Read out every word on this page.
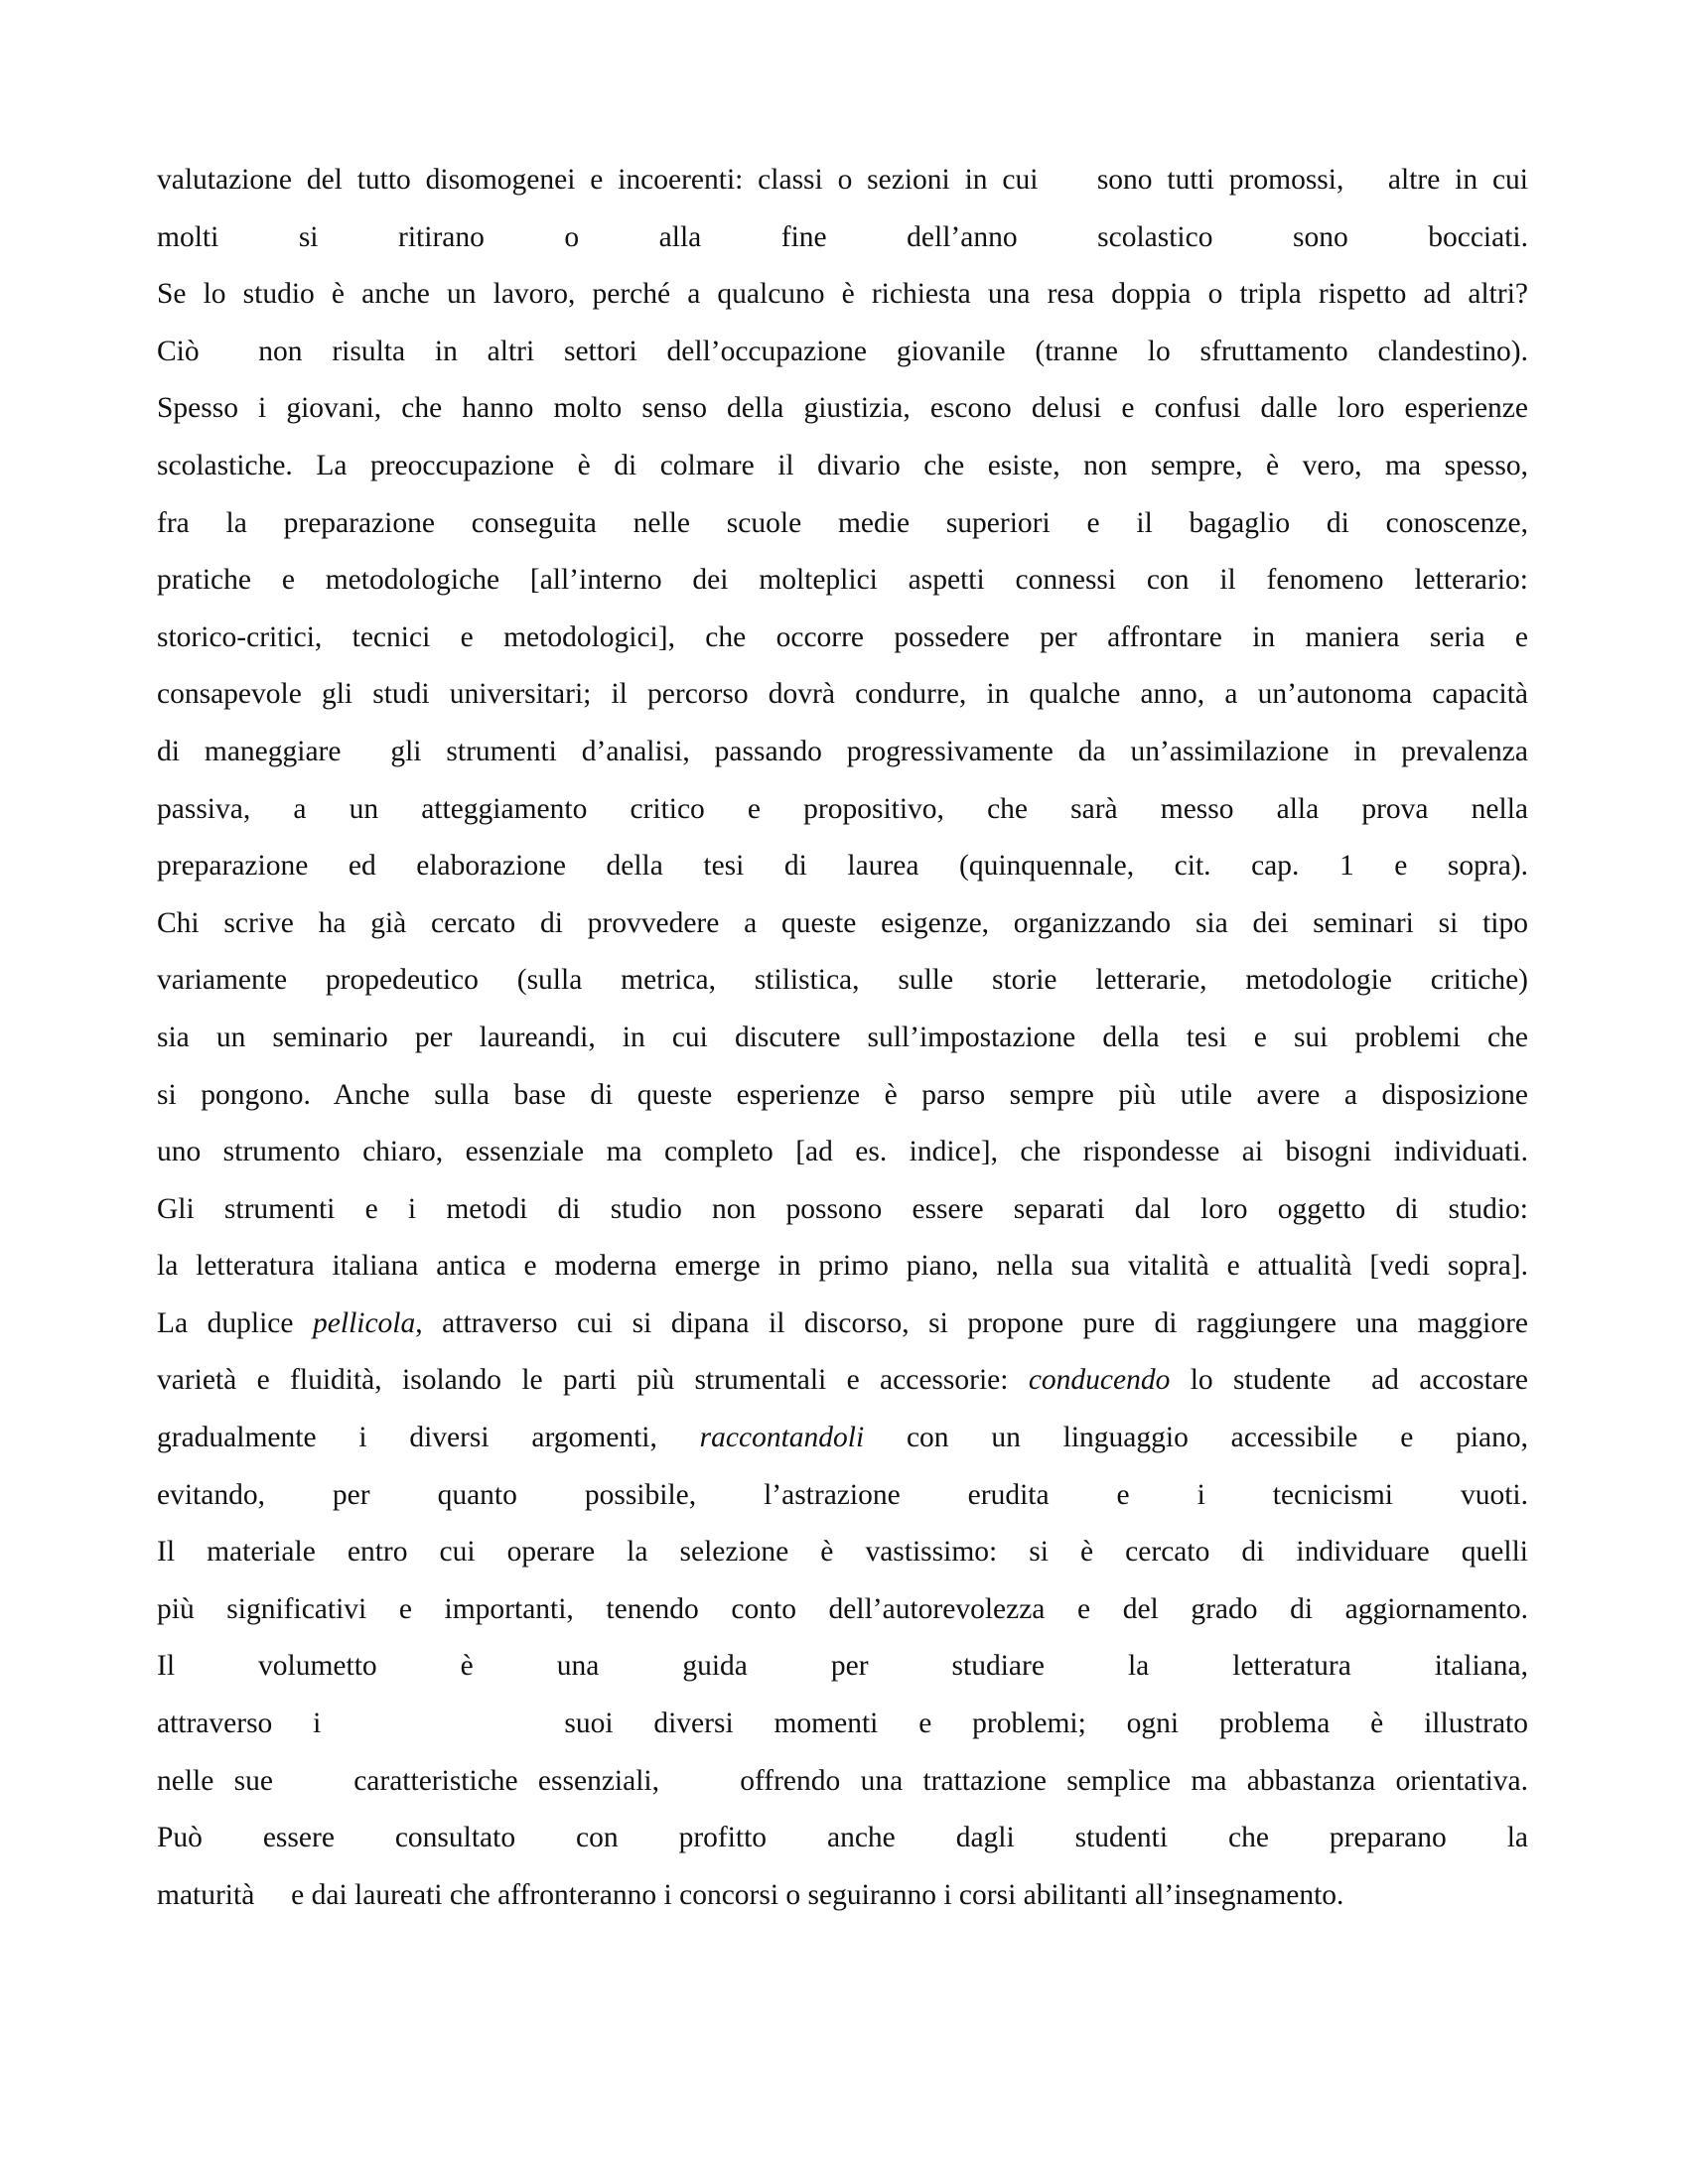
valutazione del tutto disomogenei e incoerenti: classi o sezioni in cui    sono tutti promossi,   altre in cui
molti si ritirano o alla fine dell’anno scolastico sono bocciati.
Se lo studio è anche un lavoro, perché a qualcuno è richiesta una resa doppia o tripla rispetto ad altri?
Ciò  non risulta in altri settori dell’occupazione giovanile (tranne lo sfruttamento clandestino).
Spesso i giovani, che hanno molto senso della giustizia, escono delusi e confusi dalle loro esperienze
scolastiche. La preoccupazione è di colmare il divario che esiste, non sempre, è vero, ma spesso,
fra la preparazione conseguita nelle scuole medie superiori e il bagaglio di conoscenze,
pratiche e metodologiche [all’interno dei molteplici aspetti connessi con il fenomeno letterario:
storico-critici, tecnici e metodologici], che occorre possedere per affrontare in maniera seria e
consapevole gli studi universitari; il percorso dovrà condurre, in qualche anno, a un’autonoma capacità
di maneggiare  gli strumenti d’analisi, passando progressivamente da un’assimilazione in prevalenza
passiva, a un atteggiamento critico e propositivo, che sarà messo alla prova nella
preparazione ed elaborazione della tesi di laurea (quinquennale, cit. cap. 1 e sopra).
Chi scrive ha già cercato di provvedere a queste esigenze, organizzando sia dei seminari si tipo
variamente propedeutico (sulla metrica, stilistica, sulle storie letterarie, metodologie critiche)
sia un seminario per laureandi, in cui discutere sull’impostazione della tesi e sui problemi che
si pongono. Anche sulla base di queste esperienze è parso sempre più utile avere a disposizione
uno strumento chiaro, essenziale ma completo [ad es. indice], che rispondesse ai bisogni individuati.
Gli strumenti e i metodi di studio non possono essere separati dal loro oggetto di studio:
la letteratura italiana antica e moderna emerge in primo piano, nella sua vitalità e attualità [vedi sopra].
La duplice pellicola, attraverso cui si dipana il discorso, si propone pure di raggiungere una maggiore
varietà e fluidità, isolando le parti più strumentali e accessorie: conducendo lo studente  ad accostare
gradualmente i diversi argomenti, raccontandoli con un linguaggio accessibile e piano,
evitando, per quanto possibile, l’astrazione erudita e i tecnicismi vuoti.
Il materiale entro cui operare la selezione è vastissimo: si è cercato di individuare quelli
più significativi e importanti, tenendo conto dell’autorevolezza e del grado di aggiornamento.
Il volumetto è una guida per studiare la letteratura italiana,
attraverso i      suoi diversi momenti e problemi; ogni problema è illustrato
nelle sue    caratteristiche essenziali,    offrendo una trattazione semplice ma abbastanza orientativa.
Può essere consultato con profitto anche dagli studenti che preparano la
maturità     e dai laureati che affronteranno i concorsi o seguiranno i corsi abilitanti all’insegnamento.
